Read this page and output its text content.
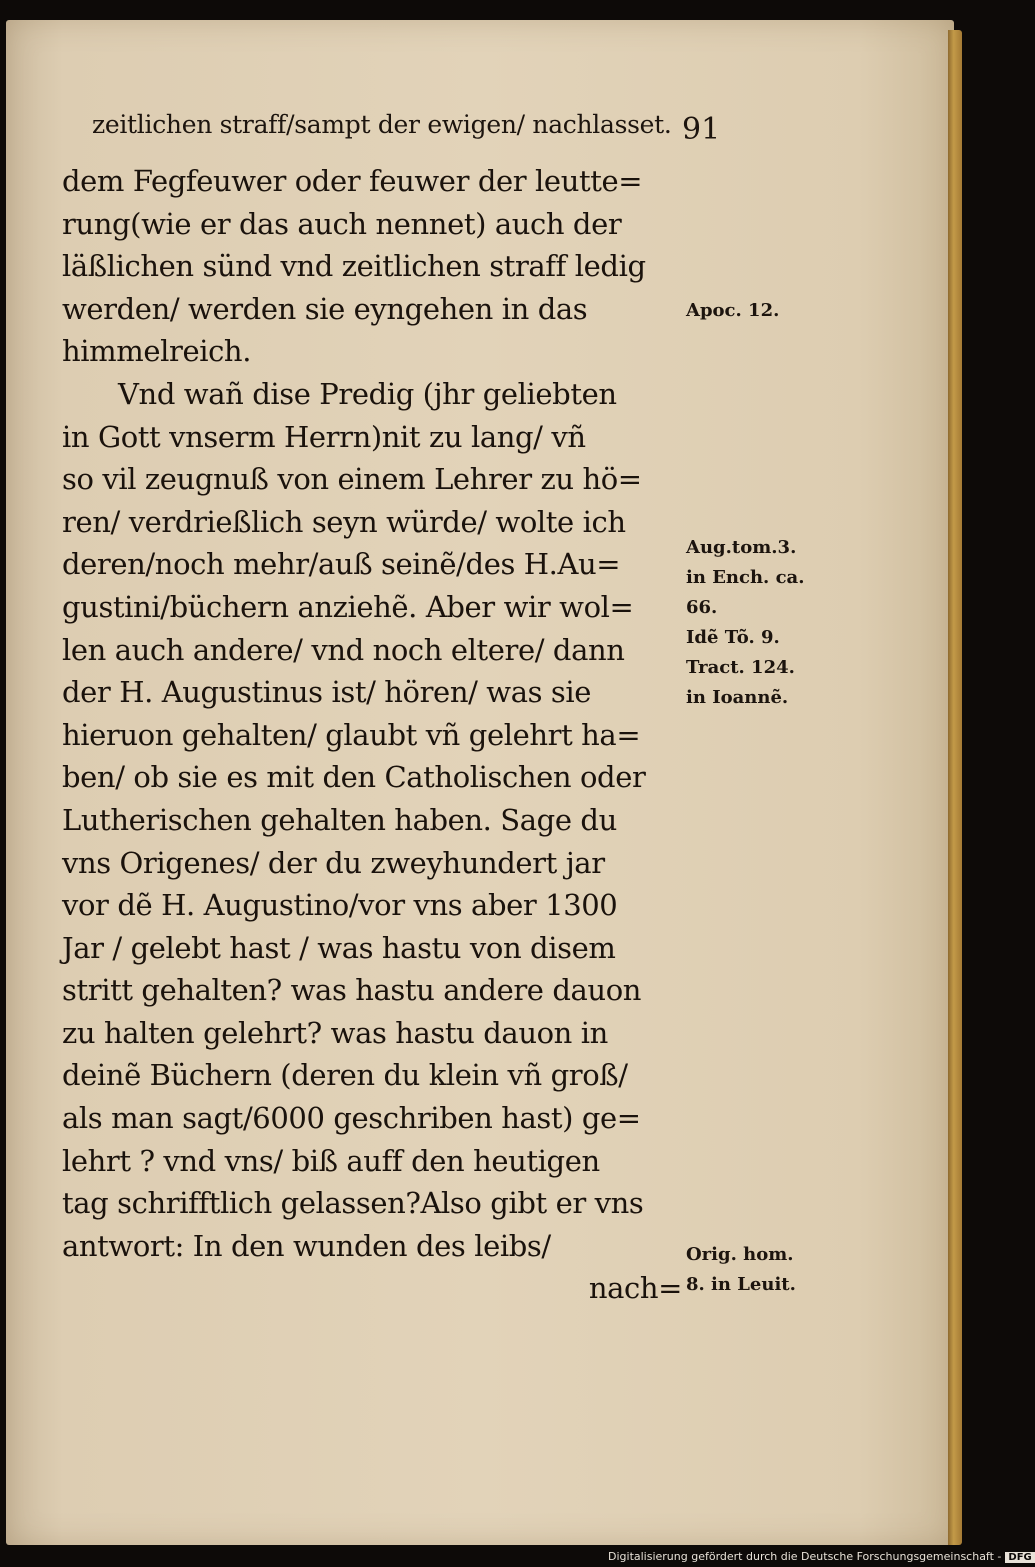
zeitlichen straff/sampt der ewigen/ nachlasset. 91
dem Fegfeuwer oder feuwer der leutte=
rung(wie er das auch nennet) auch der
läßlichen sünd vnd zeitlichen straff ledig
werden/ werden sie eyngehen in das
himmelreich.
Vnd wañ dise Predig (jhr geliebten
in Gott vnserm Herrn)nit zu lang/ vñ
so vil zeugnuß von einem Lehrer zu hö=
ren/ verdrießlich seyn würde/ wolte ich
deren/noch mehr/auß seinẽ/des H.Au=
gustini/büchern anziehẽ. Aber wir wol=
len auch andere/ vnd noch eltere/ dann
der H. Augustinus ist/ hören/ was sie
hieruon gehalten/ glaubt vñ gelehrt ha=
ben/ ob sie es mit den Catholischen oder
Lutherischen gehalten haben. Sage du
vns Origenes/ der du zweyhundert jar
vor dẽ H. Augustino/vor vns aber 1300
Jar / gelebt hast / was hastu von disem
stritt gehalten? was hastu andere dauon
zu halten gelehrt? was hastu dauon in
deinẽ Büchern (deren du klein vñ groß/
als man sagt/6000 geschriben hast) ge=
lehrt ? vnd vns/ biß auff den heutigen
tag schrifftlich gelassen?Also gibt er vns
antwort: In den wunden des leibs/
nach=
Apoc. 12.
Aug.tom.3.
in Ench. ca.
66.
Idẽ Tõ. 9.
Tract. 124.
in Ioannẽ.
Orig. hom.
8. in Leuit.
Digitalisierung gefördert durch die Deutsche Forschungsgemeinschaft - DFG
